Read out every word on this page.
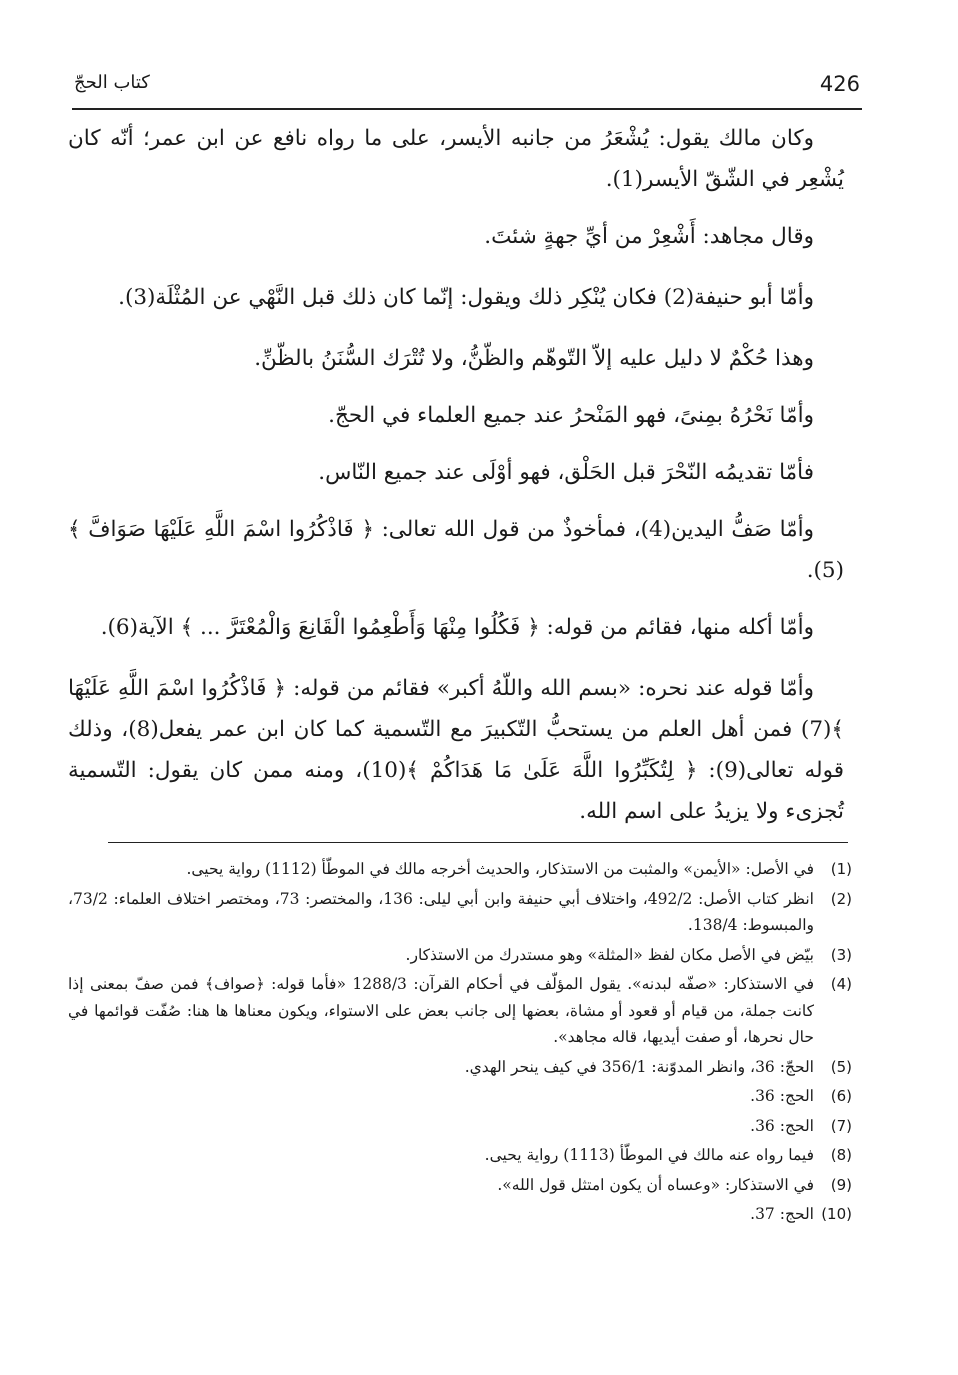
426
كتاب الحجّ

وكان مالك يقول: يُشْعَرُ من جانبه الأيسر، على ما رواه نافع عن ابن عمر؛ أنّه كان يُشْعِر في الشّقّ الأيسر(1).

وقال مجاهد: أَشْعِرْ من أيِّ جهةٍ شئتَ.

وأمّا أبو حنيفة(2) فكان يُنْكِر ذلك ويقول: إنّما كان ذلك قبل النَّهْي عن المُثْلَة(3).

وهذا حُكْمٌ لا دليل عليه إلاّ التّوهّم والظّنُّ، ولا تُتْرَك السُّنَنُ بالظّنِّ.

وأمّا نَحْرُهُ بمِنىً، فهو المَنْحرُ عند جميع العلماء في الحجّ.

فأمّا تقديمُه النّحْرَ قبل الحَلْق، فهو أوْلَى عند جميع النّاس.

وأمّا صَفُّ اليدين(4)، فمأخوذٌ من قول الله تعالى: ﴿ فَاذْكُرُوا اسْمَ اللَّهِ عَلَيْهَا صَوَافَّ ﴾(5).

وأمّا أكله منها، فقائم من قوله: ﴿ فَكُلُوا مِنْهَا وَأَطْعِمُوا الْقَانِعَ وَالْمُعْتَرَّ ... ﴾ الآية(6).

وأمّا قوله عند نحره: «بسم الله واللّهُ أكبر» فقائم من قوله: ﴿ فَاذْكُرُوا اسْمَ اللَّهِ عَلَيْهَا ﴾(7) فمن أهل العلم من يستحبُّ التّكبيرَ مع التّسمية كما كان ابن عمر يفعل(8)، وذلك قوله تعالى(9): ﴿ لِتُكَبِّرُوا اللَّهَ عَلَىٰ مَا هَدَاكُمْ ﴾(10)، ومنه ممن كان يقول: التّسمية تُجزىء ولا يزيدُ على اسم الله.

(1)
في الأصل: «الأيمن» والمثبت من الاستذكار، والحديث أخرجه مالك في الموطّأ (1112) رواية يحيى.
(2)
انظر كتاب الأصل: 492/2، واختلاف أبي حنيفة وابن أبي ليلى: 136، والمختصر: 73، ومختصر اختلاف العلماء: 73/2، والمبسوط: 138/4.
(3)
بيّض في الأصل مكان لفظ «المثلة» وهو مستدرك من الاستذكار.
(4)
في الاستذكار: «صفّه لبدنه». يقول المؤلّف في أحكام القرآن: 1288/3 «فأما قوله: ﴿صواف﴾ فمن صفّ بمعنى إذا كانت جملة، من قيام أو قعود أو مشاة، بعضها إلى جانب بعض على الاستواء، ويكون معناها ها هنا: صُفّت قوائمها في حال نحرها، أو صفت أيديها، قاله مجاهد».
(5)
الحجّ: 36، وانظر المدوّنة: 356/1 في كيف ينحر الهدي.
(6)
الحج: 36.
(7)
الحج: 36.
(8)
فيما رواه عنه مالك في الموطّأ (1113) رواية يحيى.
(9)
في الاستذكار: «وعساه أن يكون امتثل قول الله».
(10)
الحج: 37.
